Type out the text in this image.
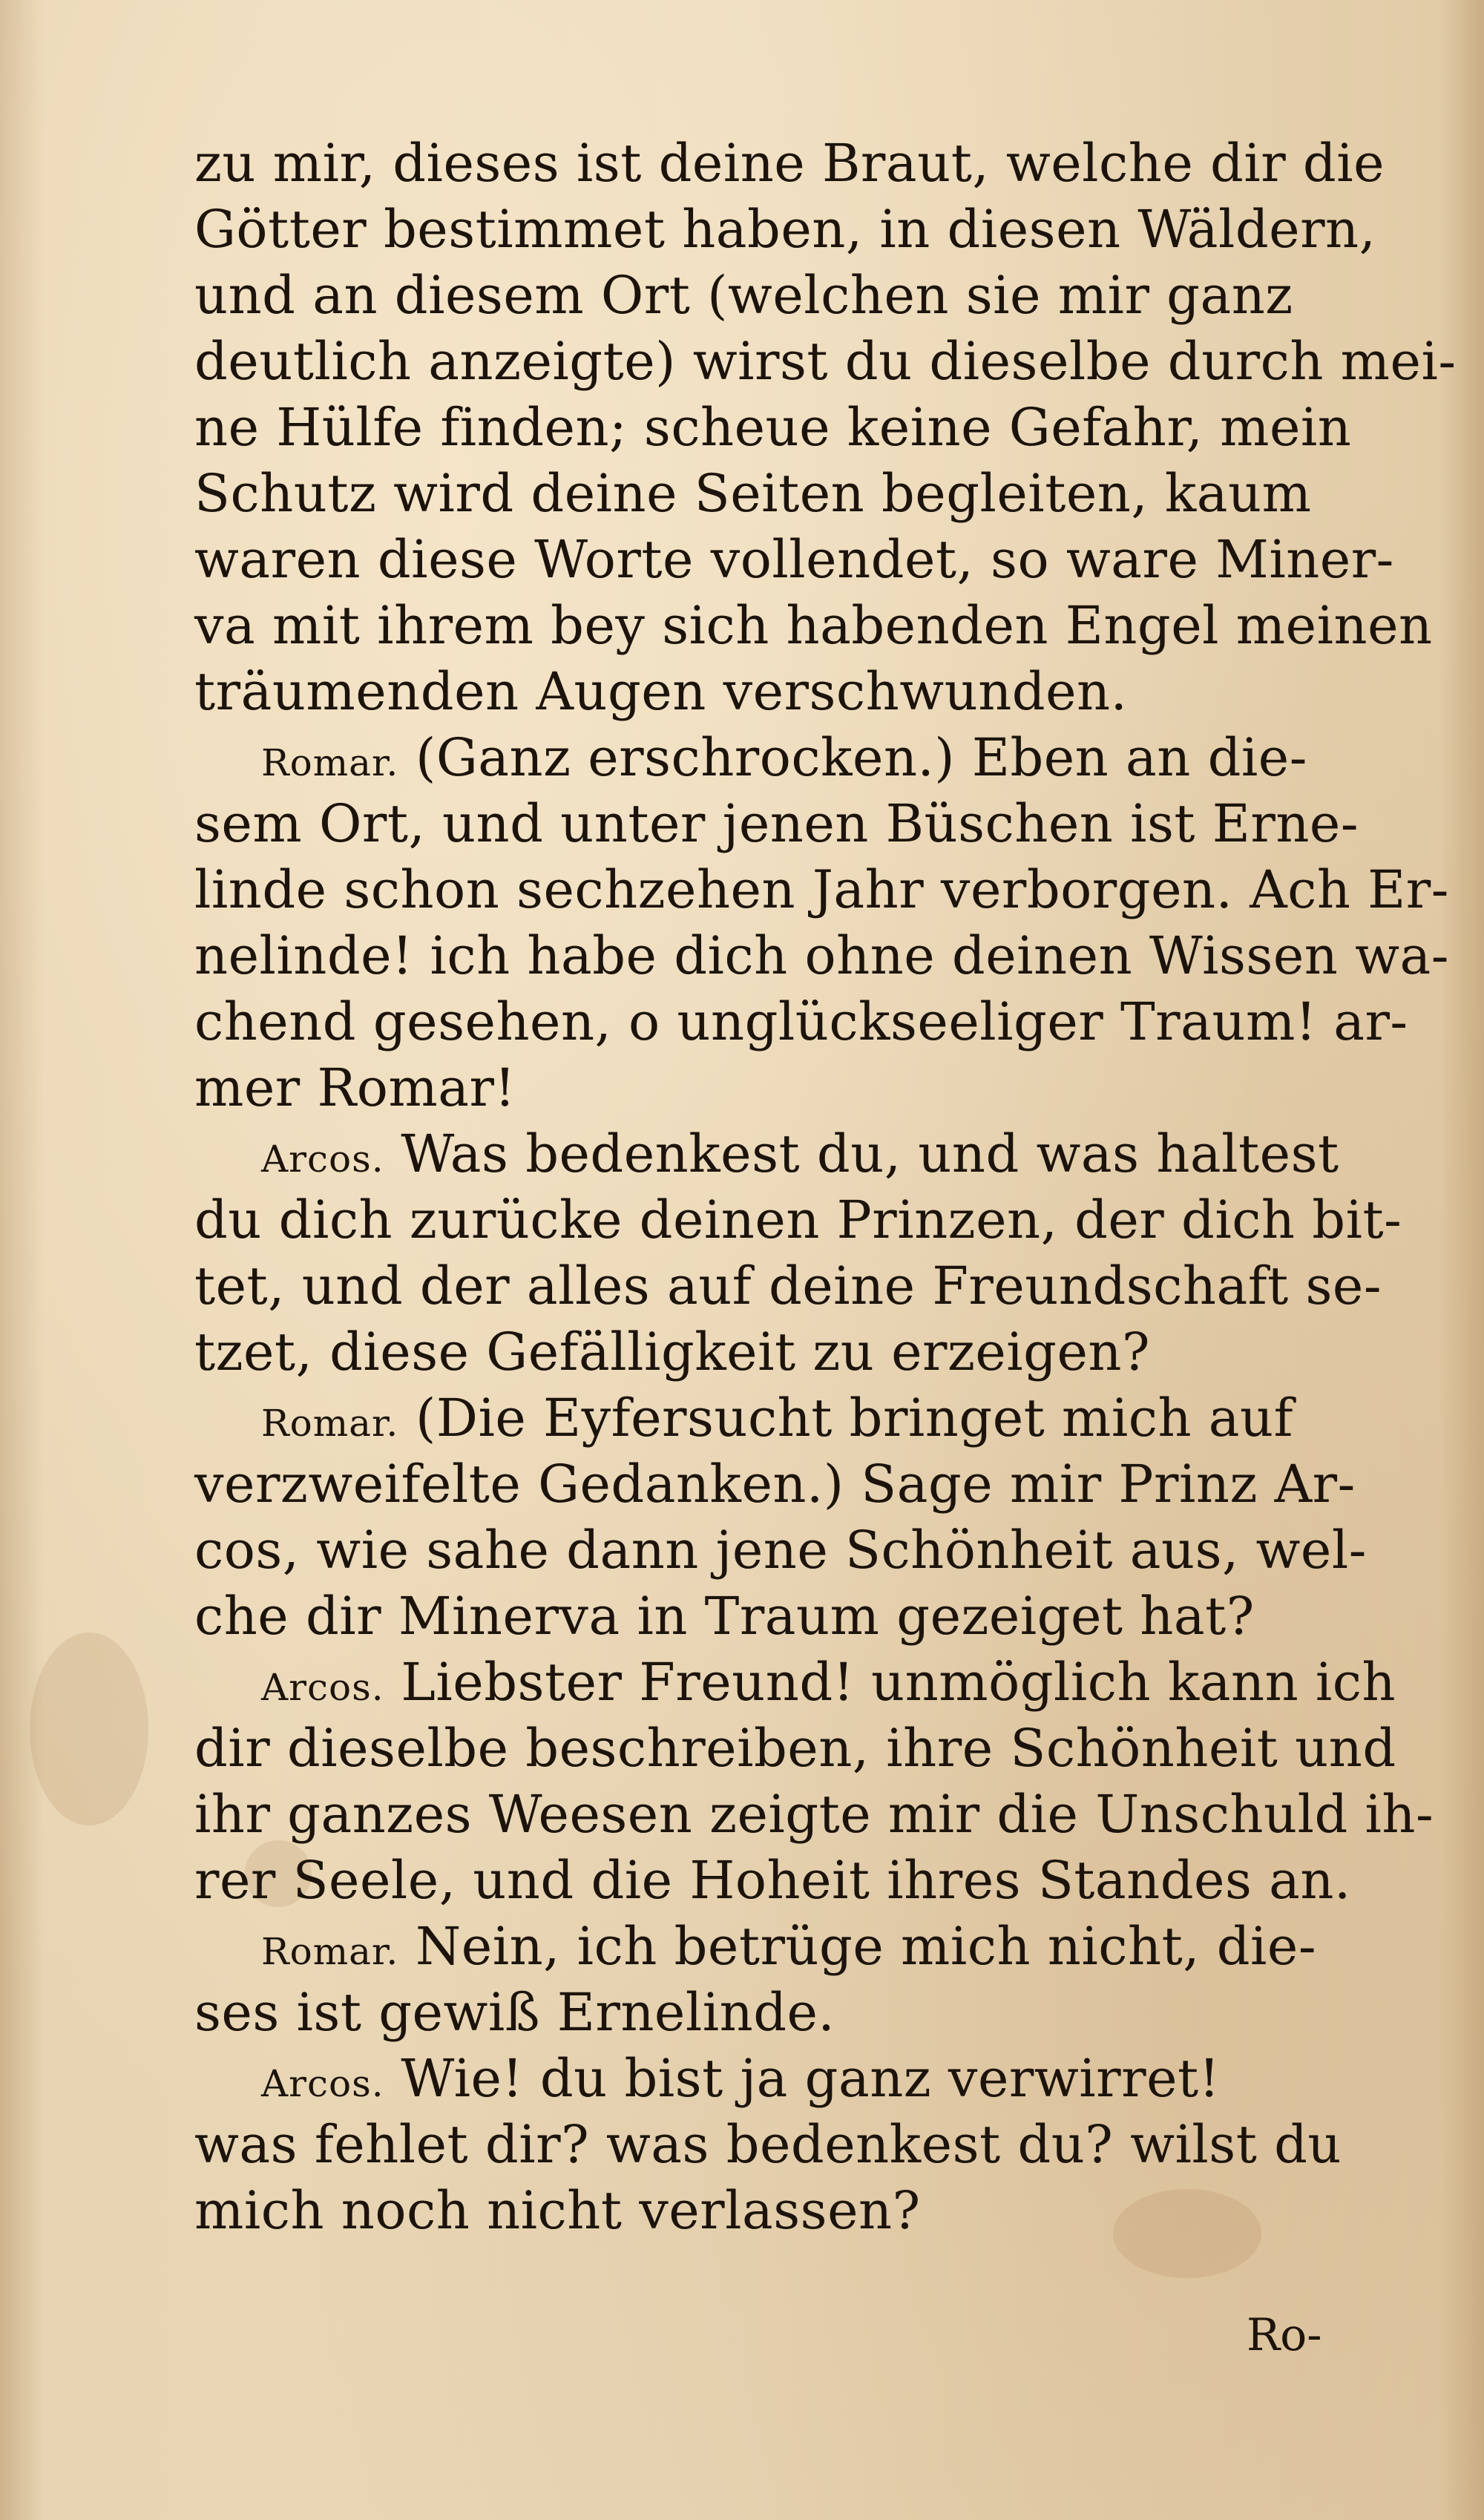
zu mir, dieses ist deine Braut, welche dir die
Götter bestimmet haben, in diesen Wäldern,
und an diesem Ort (welchen sie mir ganz
deutlich anzeigte) wirst du dieselbe durch mei-
ne Hülfe finden; scheue keine Gefahr, mein
Schutz wird deine Seiten begleiten, kaum
waren diese Worte vollendet, so ware Miner-
va mit ihrem bey sich habenden Engel meinen
träumenden Augen verschwunden.
Romar. (Ganz erschrocken.) Eben an die-
sem Ort, und unter jenen Büschen ist Erne-
linde schon sechzehen Jahr verborgen. Ach Er-
nelinde! ich habe dich ohne deinen Wissen wa-
chend gesehen, o unglückseeliger Traum! ar-
mer Romar!
Arcos. Was bedenkest du, und was haltest
du dich zurücke deinen Prinzen, der dich bit-
tet, und der alles auf deine Freundschaft se-
tzet, diese Gefälligkeit zu erzeigen?
Romar. (Die Eyfersucht bringet mich auf
verzweifelte Gedanken.) Sage mir Prinz Ar-
cos, wie sahe dann jene Schönheit aus, wel-
che dir Minerva in Traum gezeiget hat?
Arcos. Liebster Freund! unmöglich kann ich
dir dieselbe beschreiben, ihre Schönheit und
ihr ganzes Weesen zeigte mir die Unschuld ih-
rer Seele, und die Hoheit ihres Standes an.
Romar. Nein, ich betrüge mich nicht, die-
ses ist gewiß Ernelinde.
Arcos. Wie! du bist ja ganz verwirret!
was fehlet dir? was bedenkest du? wilst du
mich noch nicht verlassen?
Ro-
